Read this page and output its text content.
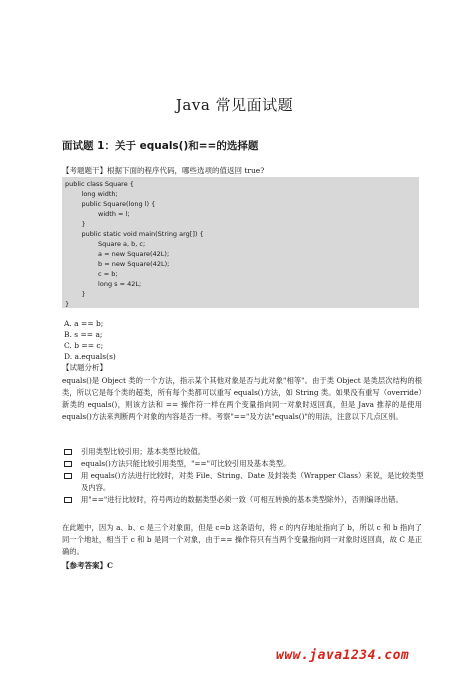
Java 常见面试题
面试题 1：关于 equals()和==的选择题
【考题题干】根据下面的程序代码，哪些选项的值返回 true?
public class Square {
long width;
public Square(long l) {
width = l;
}
public static void main(String arg[]) {
Square a, b, c;
a = new Square(42L);
b = new Square(42L);
c = b;
long s = 42L;
}
}
A. a == b;
B. s == a;
C. b == c;
D. a.equals(s)
【试题分析】
equals()是 Object 类的一个方法，指示某个其他对象是否与此对象"相等"。由于类 Object 是类层次结构的根类，所以它是每个类的超类，所有每个类都可以重写 equals()方法，如 String 类。如果没有重写（override）新类的 equals()，则该方法和 == 操作符一样在两个变量指向同一对象时返回真，但是 Java 推荐的是使用 equals()方法来判断两个对象的内容是否一样。考察"=="及方法"equals()"的用法，注意以下几点区别。
引用类型比较引用；基本类型比较值。
equals()方法只能比较引用类型，"=="可比较引用及基本类型。
用 equals()方法进行比较时，对类 File、String、Date 及封装类（Wrapper Class）来说，是比较类型及内容。
用"=="进行比较时，符号两边的数据类型必须一致（可相互转换的基本类型除外），否则编译出错。
在此题中，因为 a、b、c 是三个对象面，但是 c=b 这条语句，将 c 的内存地址指向了 b，所以 c 和 b 指向了同一个地址，相当于 c 和 b 是同一个对象，由于== 操作符只有当两个变量指向同一对象时返回真，故 C 是正确的。
【参考答案】C
www.java1234.com
